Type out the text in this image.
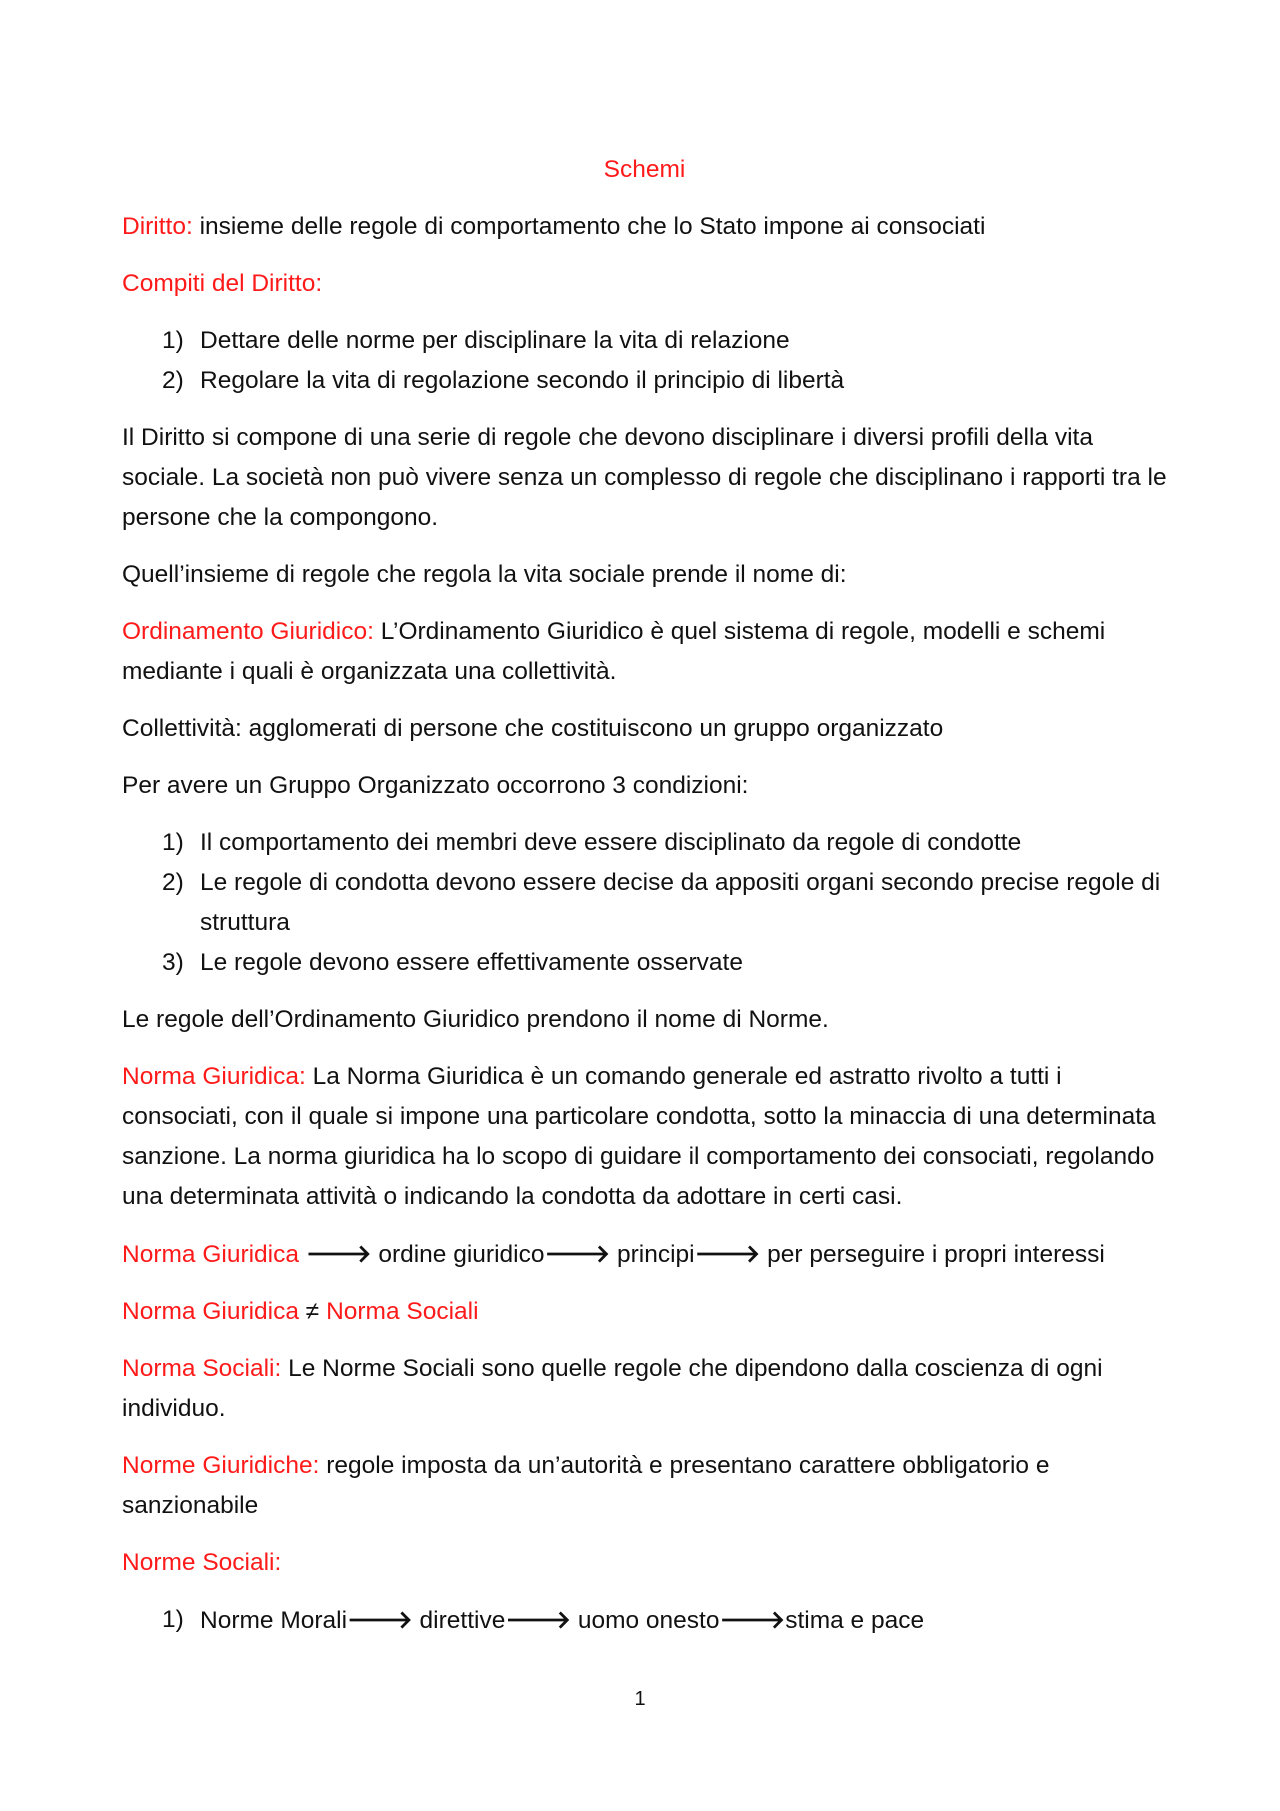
Schemi

Diritto: insieme delle regole di comportamento che lo Stato impone ai consociati

Compiti del Diritto:

1) Dettare delle norme per disciplinare la vita di relazione
2) Regolare la vita di regolazione secondo il principio di libertà

Il Diritto si compone di una serie di regole che devono disciplinare i diversi profili della vita sociale. La società non può vivere senza un complesso di regole che disciplinano i rapporti tra le persone che la compongono.

Quell’insieme di regole che regola la vita sociale prende il nome di:

Ordinamento Giuridico: L’Ordinamento Giuridico è quel sistema di regole, modelli e schemi mediante i quali è organizzata una collettività.

Collettività: agglomerati di persone che costituiscono un gruppo organizzato

Per avere un Gruppo Organizzato occorrono 3 condizioni:

1) Il comportamento dei membri deve essere disciplinato da regole di condotte
2) Le regole di condotta devono essere decise da appositi organi secondo precise regole di struttura
3) Le regole devono essere effettivamente osservate

Le regole dell’Ordinamento Giuridico prendono il nome di Norme.

Norma Giuridica: La Norma Giuridica è un comando generale ed astratto rivolto a tutti i consociati, con il quale si impone una particolare condotta, sotto la minaccia di una determinata sanzione. La norma giuridica ha lo scopo di guidare il comportamento dei consociati, regolando una determinata attività o indicando la condotta da adottare in certi casi.

Norma Giuridica 🡒 ordine giuridico🡒 principi🡒 per perseguire i propri interessi

Norma Giuridica ≠ Norma Sociali

Norma Sociali: Le Norme Sociali sono quelle regole che dipendono dalla coscienza di ogni individuo.

Norme Giuridiche: regole imposta da un’autorità e presentano carattere obbligatorio e sanzionabile

Norme Sociali:

1) Norme Morali🡒 direttive🡒 uomo onesto🡒stima e pace
1
